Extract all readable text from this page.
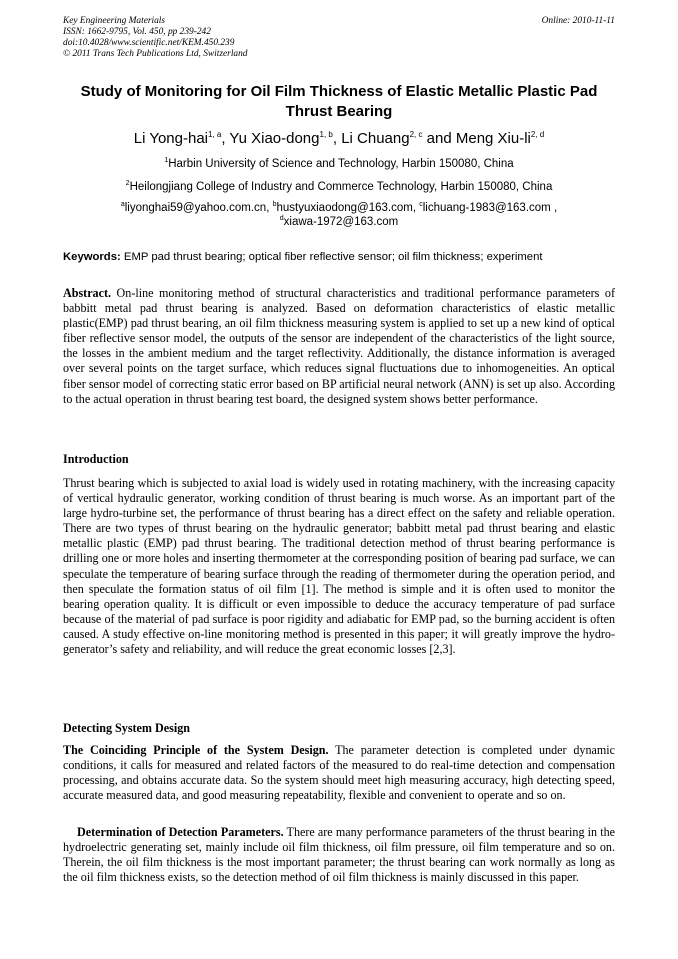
Key Engineering Materials
ISSN: 1662-9795, Vol. 450, pp 239-242
doi:10.4028/www.scientific.net/KEM.450.239
© 2011 Trans Tech Publications Ltd, Switzerland
Online: 2010-11-11
Study of Monitoring for Oil Film Thickness of Elastic Metallic Plastic Pad Thrust Bearing
Li Yong-hai$^{1, a}$, Yu Xiao-dong$^{1, b}$, Li Chuang$^{2, c}$ and Meng Xiu-li$^{2, d}$
$^1$Harbin University of Science and Technology, Harbin 150080, China
$^2$Heilongjiang College of Industry and Commerce Technology, Harbin 150080, China
$^a$liyonghai59@yahoo.com.cn, $^b$hustyuxiaodong@163.com, $^c$lichuang-1983@163.com ,
$^d$xiawa-1972@163.com
Keywords: EMP pad thrust bearing; optical fiber reflective sensor; oil film thickness; experiment
Abstract. On-line monitoring method of structural characteristics and traditional performance parameters of babbitt metal pad thrust bearing is analyzed. Based on deformation characteristics of elastic metallic plastic(EMP) pad thrust bearing, an oil film thickness measuring system is applied to set up a new kind of optical fiber reflective sensor model, the outputs of the sensor are independent of the characteristics of the light source, the losses in the ambient medium and the target reflectivity. Additionally, the distance information is averaged over several points on the target surface, which reduces signal fluctuations due to inhomogeneities. An optical fiber sensor model of correcting static error based on BP artificial neural network (ANN) is set up also. According to the actual operation in thrust bearing test board, the designed system shows better performance.
Introduction
Thrust bearing which is subjected to axial load is widely used in rotating machinery, with the increasing capacity of vertical hydraulic generator, working condition of thrust bearing is much worse. As an important part of the large hydro-turbine set, the performance of thrust bearing has a direct effect on the safety and reliable operation. There are two types of thrust bearing on the hydraulic generator; babbitt metal pad thrust bearing and elastic metallic plastic (EMP) pad thrust bearing. The traditional detection method of thrust bearing performance is drilling one or more holes and inserting thermometer at the corresponding position of bearing pad surface, we can speculate the temperature of bearing surface through the reading of thermometer during the operation period, and then speculate the formation status of oil film [1]. The method is simple and it is often used to monitor the bearing operation quality. It is difficult or even impossible to deduce the accuracy temperature of pad surface because of the material of pad surface is poor rigidity and adiabatic for EMP pad, so the burning accident is often caused. A study effective on-line monitoring method is presented in this paper; it will greatly improve the hydro-generator’s safety and reliability, and will reduce the great economic losses [2,3].
Detecting System Design
The Coinciding Principle of the System Design. The parameter detection is completed under dynamic conditions, it calls for measured and related factors of the measured to do real-time detection and compensation processing, and obtains accurate data. So the system should meet high measuring accuracy, high detecting speed, accurate measured data, and good measuring repeatability, flexible and convenient to operate and so on.
Determination of Detection Parameters. There are many performance parameters of the thrust bearing in the hydroelectric generating set, mainly include oil film thickness, oil film pressure, oil film temperature and so on. Therein, the oil film thickness is the most important parameter; the thrust bearing can work normally as long as the oil film thickness exists, so the detection method of oil film thickness is mainly discussed in this paper.
